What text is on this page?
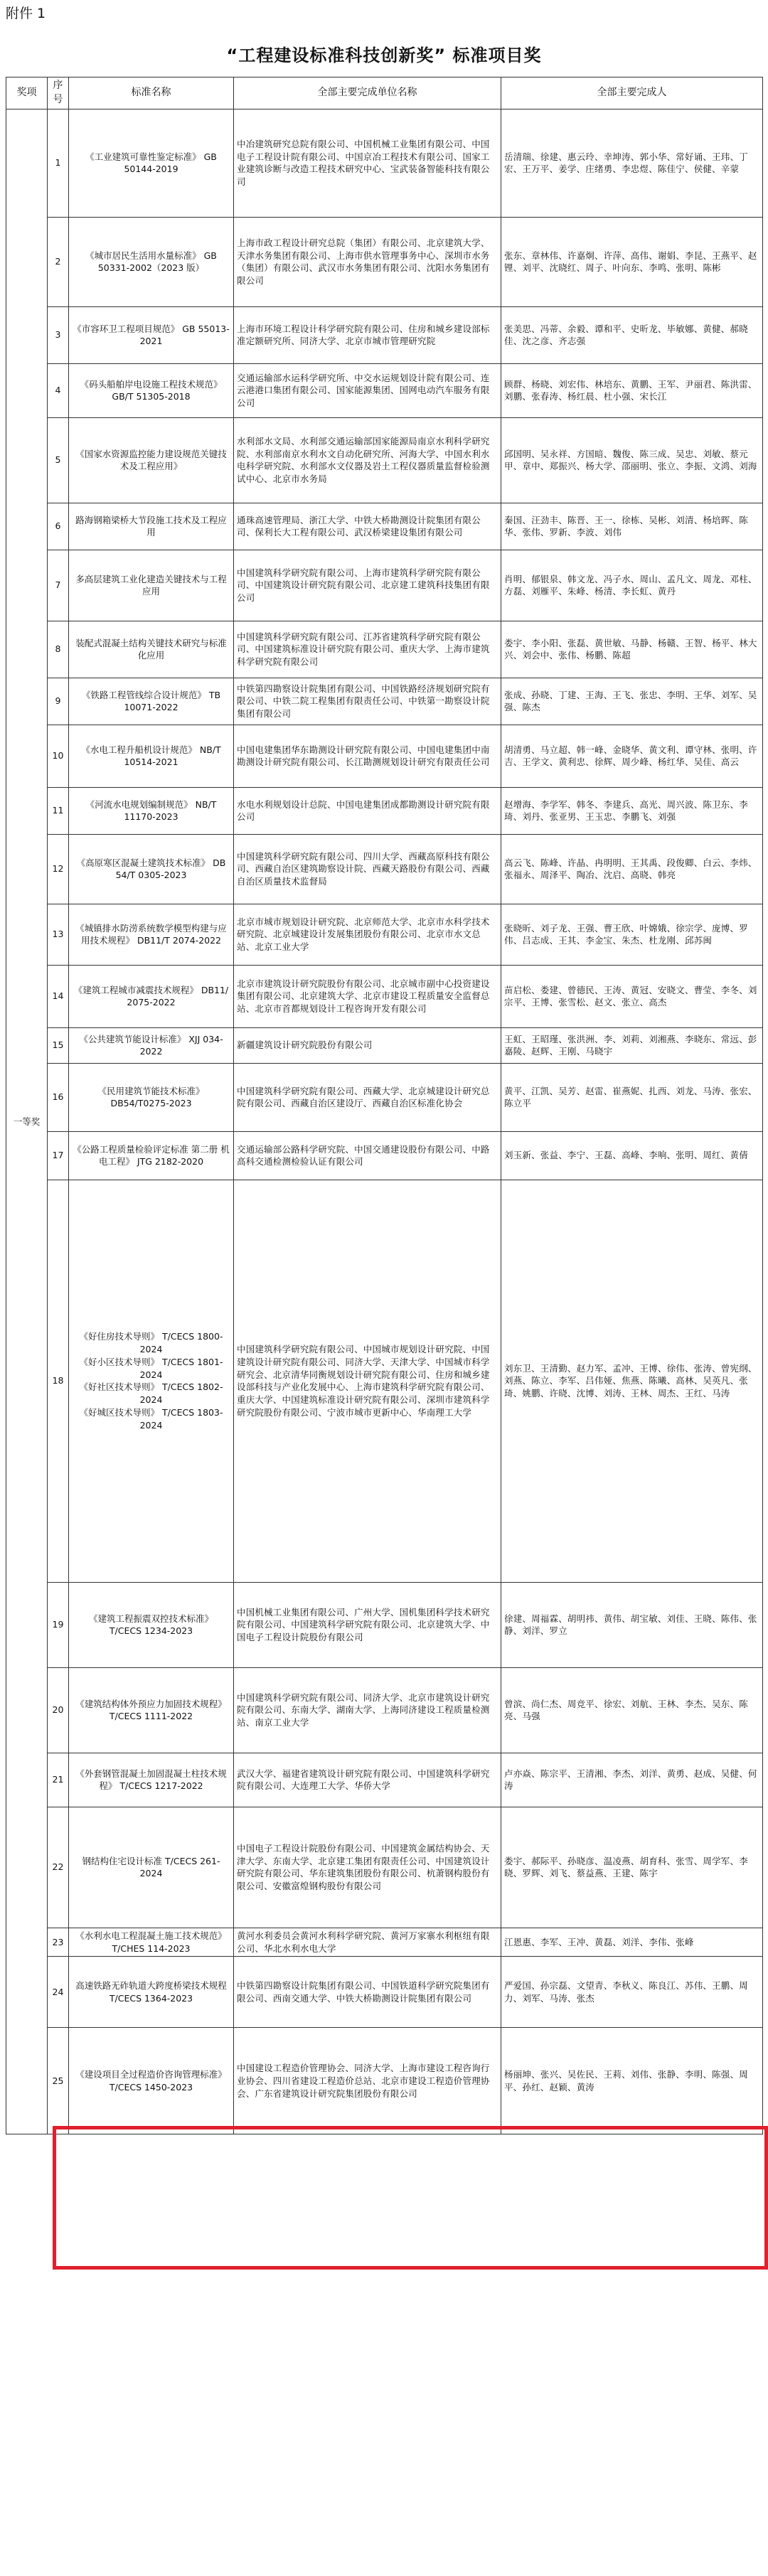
附件 1
“工程建设标准科技创新奖” 标准项目奖
奖项	序号	标准名称	全部主要完成单位名称	全部主要完成人
一等奖	1	《工业建筑可靠性鉴定标准》 GB 50144-2019	中冶建筑研究总院有限公司、中国机械工业集团有限公司、中国电子工程设计院有限公司、中国京冶工程技术有限公司、国家工业建筑诊断与改造工程技术研究中心、宝武装备智能科技有限公司	岳清瑞、徐建、惠云玲、幸坤涛、郭小华、常好诵、王玮、丁宏、王万平、姜学、庄绪勇、李忠煜、陈佳宁、侯健、辛蒙
	2	《城市居民生活用水量标准》 GB 50331-2002（2023 版）	上海市政工程设计研究总院（集团）有限公司、北京建筑大学、天津水务集团有限公司、上海市供水管理事务中心、深圳市水务（集团）有限公司、武汉市水务集团有限公司、沈阳水务集团有限公司	张东、章林伟、许嘉炯、许萍、高伟、谢娟、李昆、王燕平、赵锂、刘平、沈晓红、周子、叶向东、李鸣、张明、陈彬
	3	《市容环卫工程项目规范》 GB 55013-2021	上海市环境工程设计科学研究院有限公司、住房和城乡建设部标准定额研究所、同济大学、北京市城市管理研究院	张美思、冯蒂、余毅、谭和平、史昕龙、毕敏娜、黄健、郝晓佳、沈之彦、齐志强
	4	《码头船舶岸电设施工程技术规范》 GB/T 51305-2018	交通运输部水运科学研究所、中交水运规划设计院有限公司、连云港港口集团有限公司、国家能源集团、国网电动汽车服务有限公司	顾群、杨晓、刘宏伟、林培东、黄鹏、王军、尹丽君、陈洪雷、刘鹏、张春涛、杨红晨、杜小强、宋长江
	5	《国家水资源监控能力建设规范关键技术及工程应用》	水利部水文局、水利部交通运输部国家能源局南京水利科学研究院、水利部南京水利水文自动化研究所、河海大学、中国水利水电科学研究院、水利部水文仪器及岩土工程仪器质量监督检验测试中心、北京市水务局	邱国明、吴永祥、方国暗、魏俊、陈三成、吴忠、刘敏、蔡元甲、章中、郑振兴、杨大学、邵丽明、张立、李振、文鸿、刘海
	6	路海钢箱梁桥大节段施工技术及工程应用	通珠高速管理局、浙江大学、中铁大桥勘测设计院集团有限公司、保利长大工程有限公司、武汉桥梁建设集团有限公司	秦国、汪劲丰、陈晋、王一、徐栋、吴彬、刘清、杨培晖、陈华、张伟、罗新、李波、刘伟
	7	多高层建筑工业化建造关键技术与工程应用	中国建筑科学研究院有限公司、上海市建筑科学研究院有限公司、中国建筑设计研究院有限公司、北京建工建筑科技集团有限公司	肖明、郁银泉、韩文龙、冯子水、周山、孟凡文、周龙、邓柱、方磊、刘雁平、朱峰、杨清、李长虹、黄丹
	8	装配式混凝土结构关键技术研究与标准化应用	中国建筑科学研究院有限公司、江苏省建筑科学研究院有限公司、中国建筑标准设计研究院有限公司、重庆大学、上海市建筑科学研究院有限公司	娄宇、李小阳、张磊、黄世敏、马静、杨赣、王智、杨平、林大兴、刘会中、张伟、杨鹏、陈超
	9	《铁路工程管线综合设计规范》 TB 10071-2022	中铁第四勘察设计院集团有限公司、中国铁路经济规划研究院有限公司、中铁二院工程集团有限责任公司、中铁第一勘察设计院集团有限公司	张成、孙晓、丁建、王海、王飞、张忠、李明、王华、刘军、吴强、陈杰
	10	《水电工程升船机设计规范》 NB/T 10514-2021	中国电建集团华东勘测设计研究院有限公司、中国电建集团中南勘测设计研究院有限公司、长江勘测规划设计研究有限责任公司	胡清勇、马立超、韩一峰、金晓华、黄文利、谭守林、张明、许吉、王学文、黄利忠、徐辉、周少峰、杨红华、吴佳、高云
	11	《河流水电规划编制规范》 NB/T 11170-2023	水电水利规划设计总院、中国电建集团成都勘测设计研究院有限公司	赵增海、李学军、韩冬、李建兵、高光、周兴波、陈卫东、李琦、刘丹、张亚男、王玉忠、李鹏飞、刘强
	12	《高原寒区混凝土建筑技术标准》 DB 54/T 0305-2023	中国建筑科学研究院有限公司、四川大学、西藏高原科技有限公司、西藏自治区建筑勘察设计院、西藏天路股份有限公司、西藏自治区质量技术监督局	高云飞、陈峰、许晶、冉明明、王其禹、段俊卿、白云、李炜、张福永、周泽平、陶冶、沈启、高晓、韩亮
	13	《城镇排水防涝系统数学模型构建与应用技术规程》 DB11/T 2074-2022	北京市城市规划设计研究院、北京师范大学、北京市水科学技术研究院、北京城建设计发展集团股份有限公司、北京市水文总站、北京工业大学	张晓昕、刘子龙、王强、曹王欣、叶嫦娥、徐宗学、庞博、罗伟、吕志成、王其、李金宝、朱杰、杜龙刚、邱苏闽
	14	《建筑工程城市减震技术规程》 DB11/ 2075-2022	北京市建筑设计研究院股份有限公司、北京城市副中心投资建设集团有限公司、北京建筑大学、北京市建设工程质量安全监督总站、北京市首都规划设计工程咨询开发有限公司	苗启松、娄建、曾德民、王涛、黄冠、安晓文、曹莹、李冬、刘宗平、王博、张雪松、赵文、张立、高杰
	15	《公共建筑节能设计标准》 XJJ 034-2022	新疆建筑设计研究院股份有限公司	王虹、王昭瑾、张洪洲、李、刘莉、刘湘燕、李晓东、常远、彭嘉陵、赵辉、王刚、马晓宇
	16	《民用建筑节能技术标准》 DB54/T0275-2023	中国建筑科学研究院有限公司、西藏大学、北京城建设计研究总院有限公司、西藏自治区建设厅、西藏自治区标准化协会	黄平、江凯、吴芳、赵雷、崔燕妮、扎西、刘龙、马涛、张宏、陈立平
	17	《公路工程质量检验评定标准 第二册 机电工程》 JTG 2182-2020	交通运输部公路科学研究院、中国交通建设股份有限公司、中路高科交通检测检验认证有限公司	刘玉新、张益、李宁、王磊、高峰、李响、张明、周红、黄倩
	18	《好住房技术导则》 T/CECS 1800-2024
《好小区技术导则》 T/CECS 1801-2024
《好社区技术导则》 T/CECS 1802-2024
《好城区技术导则》 T/CECS 1803-2024	中国建筑科学研究院有限公司、中国城市规划设计研究院、中国建筑设计研究院有限公司、同济大学、天津大学、中国城市科学研究会、北京清华同衡规划设计研究院有限公司、住房和城乡建设部科技与产业化发展中心、上海市建筑科学研究院有限公司、重庆大学、中国建筑标准设计研究院有限公司、深圳市建筑科学研究院股份有限公司、宁波市城市更新中心、华南理工大学	刘东卫、王清勤、赵力军、孟冲、王博、徐伟、张涛、曾宪纲、刘燕、陈立、李军、吕伟娅、焦燕、陈曦、高林、吴英凡、张琦、姚鹏、许晓、沈博、刘涛、王林、周杰、王红、马涛
	19	《建筑工程振震双控技术标准》 T/CECS 1234-2023	中国机械工业集团有限公司、广州大学、国机集团科学技术研究院有限公司、中国建筑科学研究院有限公司、北京建筑大学、中国电子工程设计院股份有限公司	徐建、周福霖、胡明祎、黄伟、胡宝敏、刘佳、王晓、陈伟、张静、刘洋、罗立
	20	《建筑结构体外预应力加固技术规程》 T/CECS 1111-2022	中国建筑科学研究院有限公司、同济大学、北京市建筑设计研究院有限公司、东南大学、湖南大学、上海同济建设工程质量检测站、南京工业大学	曾滨、尚仁杰、周竞平、徐宏、刘航、王林、李杰、吴东、陈亮、马强
	21	《外套钢管混凝土加固混凝土柱技术规程》 T/CECS 1217-2022	武汉大学、福建省建筑设计研究院有限公司、中国建筑科学研究院有限公司、大连理工大学、华侨大学	卢亦焱、陈宗平、王清湘、李杰、刘洋、黄勇、赵成、吴健、何涛
	22	钢结构住宅设计标准 T/CECS 261-2024	中国电子工程设计院股份有限公司、中国建筑金属结构协会、天津大学、东南大学、北京建工集团有限责任公司、中国建筑设计研究院有限公司、华东建筑集团股份有限公司、杭萧钢构股份有限公司、安徽富煌钢构股份有限公司	娄宇、郝际平、孙晓彦、温凌燕、胡育科、张雪、周学军、李晓、罗辉、刘飞、蔡益燕、王建、陈宇
	23	《水利水电工程混凝土施工技术规范》 T/CHES 114-2023	黄河水利委员会黄河水利科学研究院、黄河万家寨水利枢纽有限公司、华北水利水电大学	江恩惠、李军、王冲、黄磊、刘洋、李伟、张峰
	24	高速铁路无砟轨道大跨度桥梁技术规程 T/CECS 1364-2023	中铁第四勘察设计院集团有限公司、中国铁道科学研究院集团有限公司、西南交通大学、中铁大桥勘测设计院集团有限公司	严爱国、孙宗磊、文望青、李秋义、陈良江、苏伟、王鹏、周力、刘军、马涛、张杰
	25	《建设项目全过程造价咨询管理标准》 T/CECS 1450-2023	中国建设工程造价管理协会、同济大学、上海市建设工程咨询行业协会、四川省建设工程造价总站、北京市建设工程造价管理协会、广东省建筑设计研究院集团股份有限公司	杨丽坤、张兴、吴佐民、王莉、刘伟、张静、李明、陈强、周平、孙红、赵颖、黄涛
